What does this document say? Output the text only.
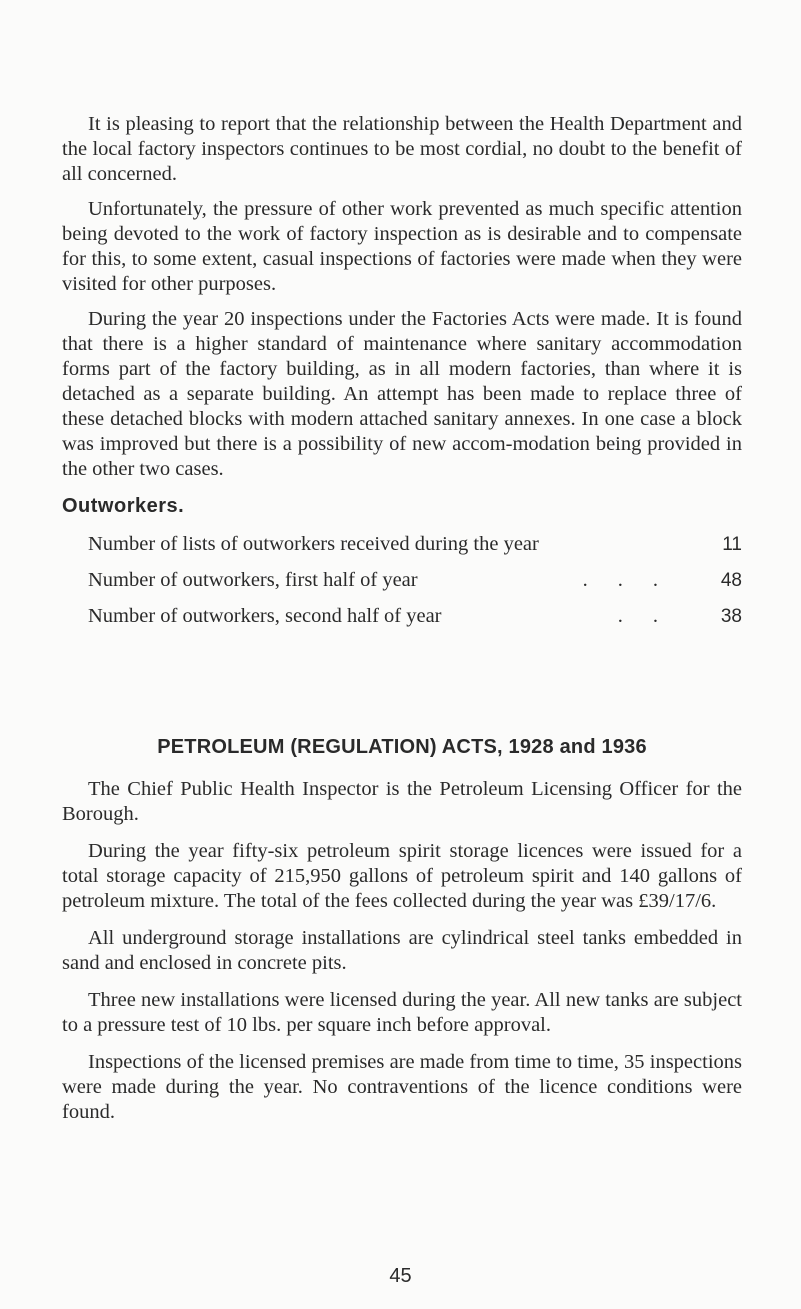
It is pleasing to report that the relationship between the Health Department and the local factory inspectors continues to be most cordial, no doubt to the benefit of all concerned.

Unfortunately, the pressure of other work prevented as much specific attention being devoted to the work of factory inspection as is desirable and to compensate for this, to some extent, casual inspections of factories were made when they were visited for other purposes.

During the year 20 inspections under the Factories Acts were made. It is found that there is a higher standard of maintenance where sanitary accommodation forms part of the factory building, as in all modern factories, than where it is detached as a separate building. An attempt has been made to replace three of these detached blocks with modern attached sanitary annexes. In one case a block was improved but there is a possibility of new accom-modation being provided in the other two cases.

Outworkers.
Number of lists of outworkers received during the year	11
Number of outworkers, first half of year	...	48
Number of outworkers, second half of year	..	38
PETROLEUM (REGULATION) ACTS, 1928 and 1936

The Chief Public Health Inspector is the Petroleum Licensing Officer for the Borough.

During the year fifty-six petroleum spirit storage licences were issued for a total storage capacity of 215,950 gallons of petroleum spirit and 140 gallons of petroleum mixture. The total of the fees collected during the year was £39/17/6.

All underground storage installations are cylindrical steel tanks embedded in sand and enclosed in concrete pits.

Three new installations were licensed during the year. All new tanks are subject to a pressure test of 10 lbs. per square inch before approval.

Inspections of the licensed premises are made from time to time, 35 inspections were made during the year. No contraventions of the licence conditions were found.

45
